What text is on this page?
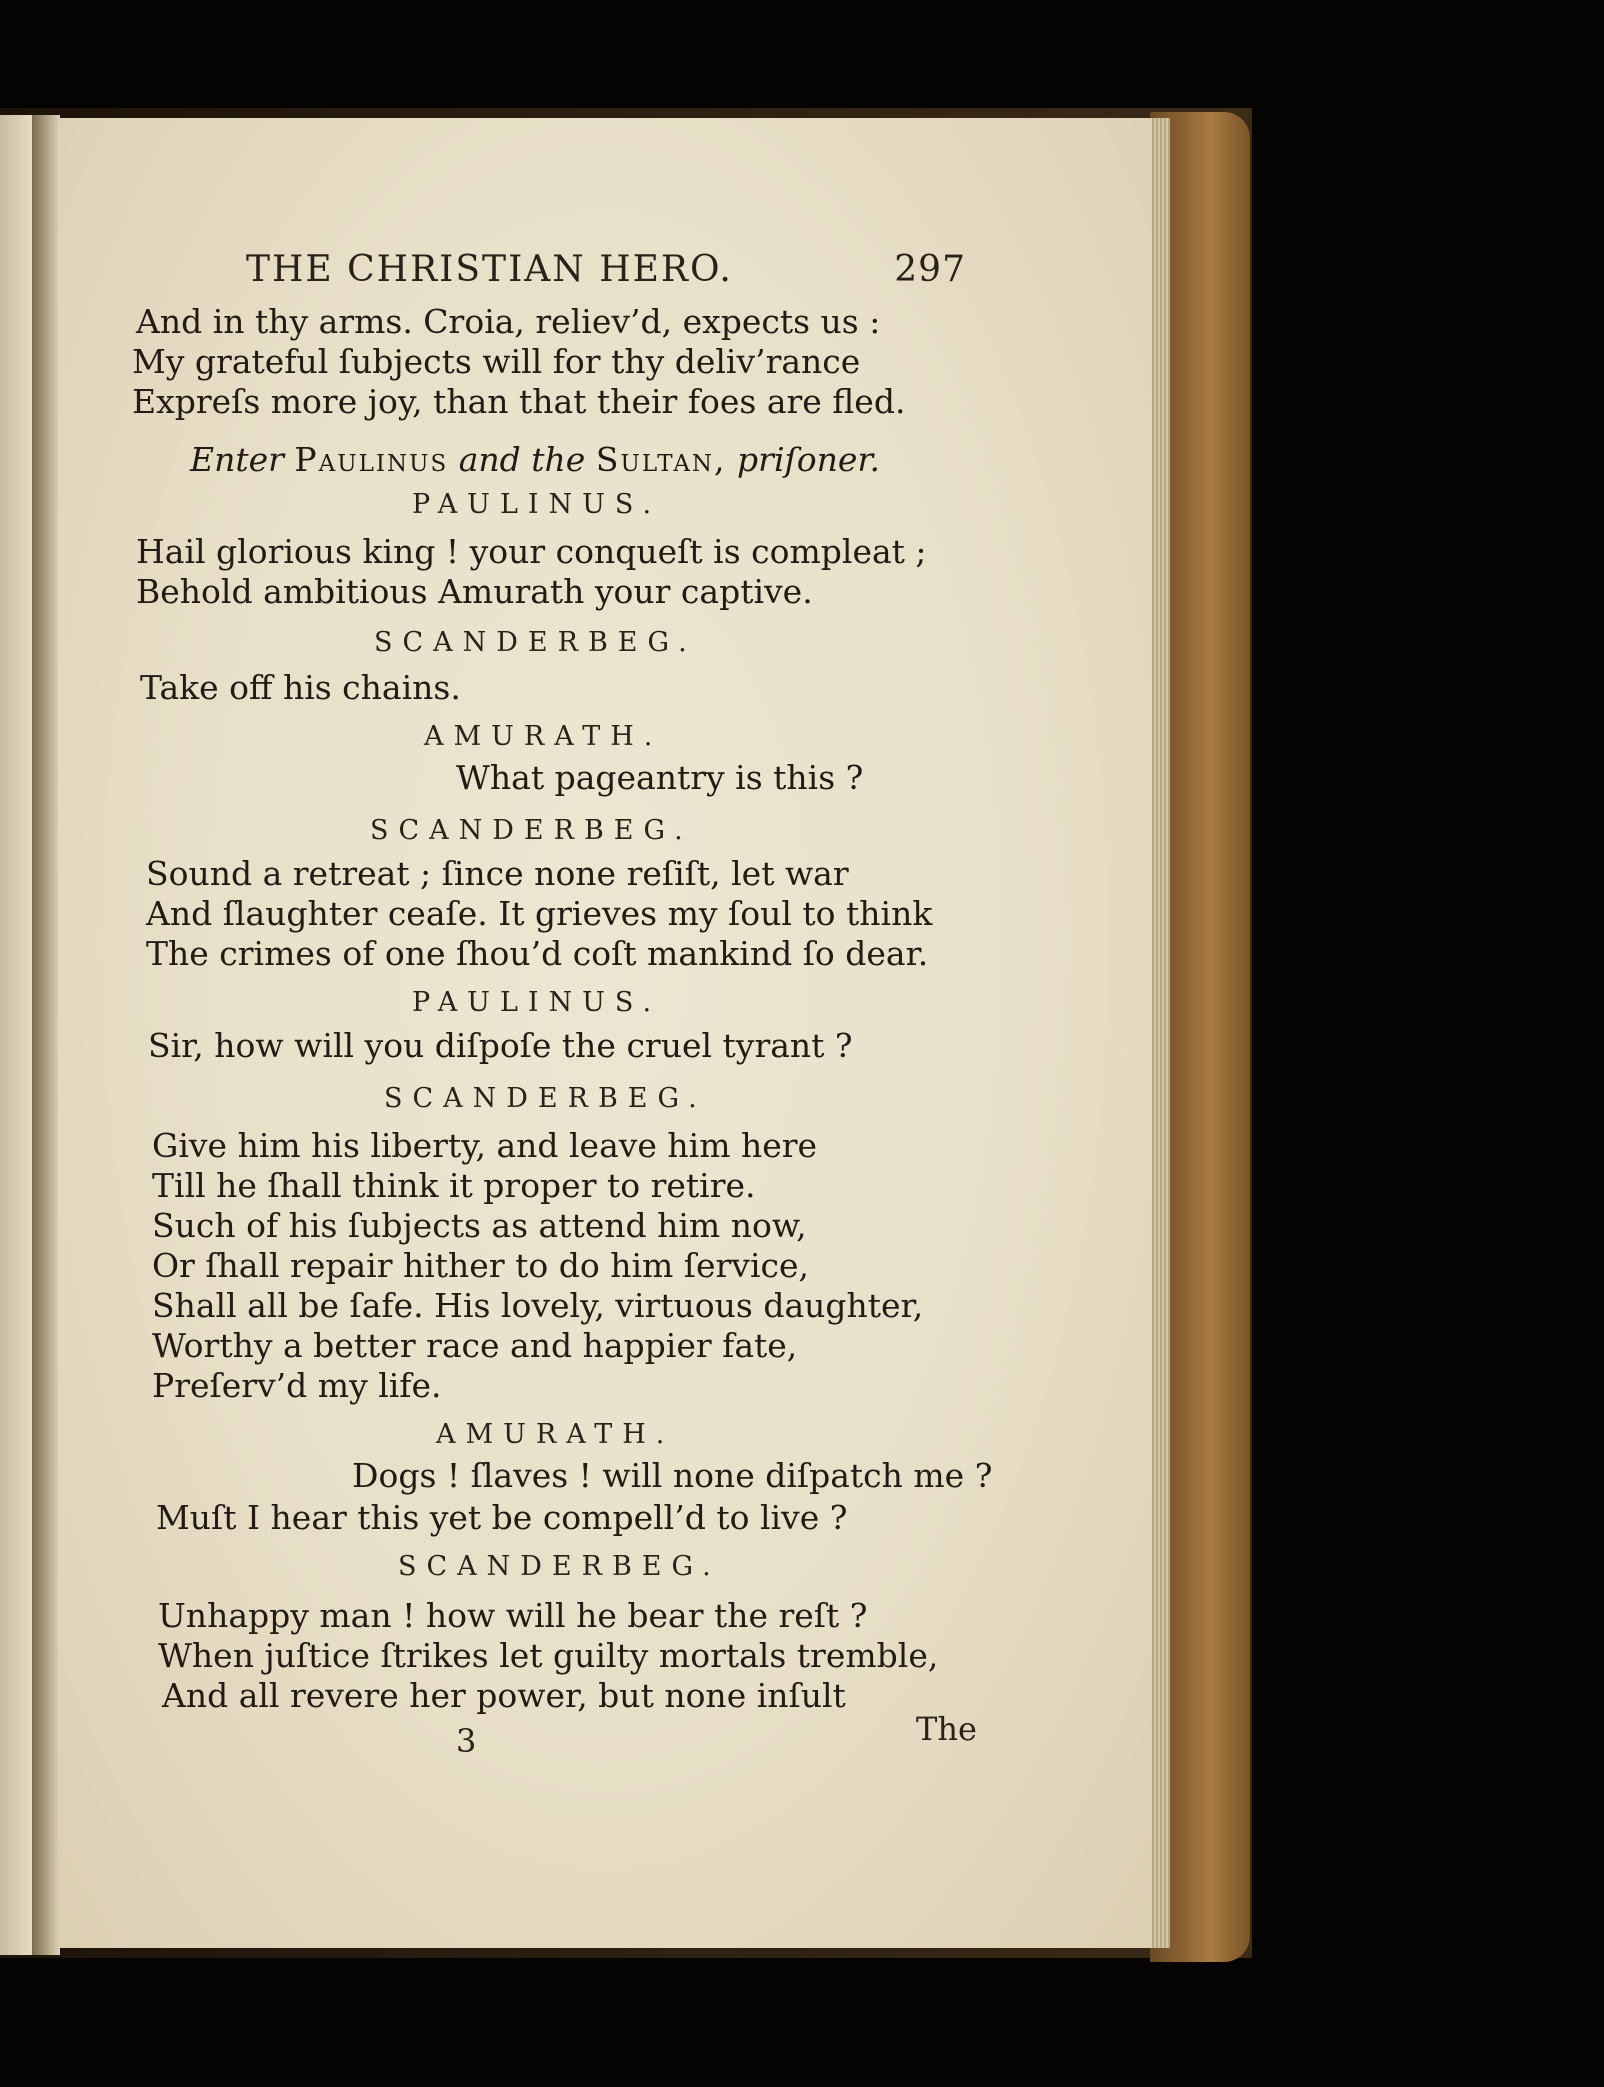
THE CHRISTIAN HERO.	297
And in thy arms. Croia, reliev’d, expects us :
My grateful ſubjects will for thy deliv’rance
Expreſs more joy, than that their foes are fled.
Enter Paulinus and the Sultan, priſoner.
PAULINUS.
Hail glorious king ! your conqueſt is compleat ;
Behold ambitious Amurath your captive.
SCANDERBEG.
Take off his chains.
AMURATH.
What pageantry is this ?
SCANDERBEG.
Sound a retreat ; ſince none reſiſt, let war
And ſlaughter ceaſe. It grieves my ſoul to think
The crimes of one ſhou’d coſt mankind ſo dear.
PAULINUS.
Sir, how will you diſpoſe the cruel tyrant ?
SCANDERBEG.
Give him his liberty, and leave him here
Till he ſhall think it proper to retire.
Such of his ſubjects as attend him now,
Or ſhall repair hither to do him ſervice,
Shall all be ſafe. His lovely, virtuous daughter,
Worthy a better race and happier fate,
Preſerv’d my life.
AMURATH.
Dogs ! ſlaves ! will none diſpatch me ?
Muſt I hear this yet be compell’d to live ?
SCANDERBEG.
Unhappy man ! how will he bear the reſt ?
When juſtice ſtrikes let guilty mortals tremble,
And all revere her power, but none inſult
3	The
